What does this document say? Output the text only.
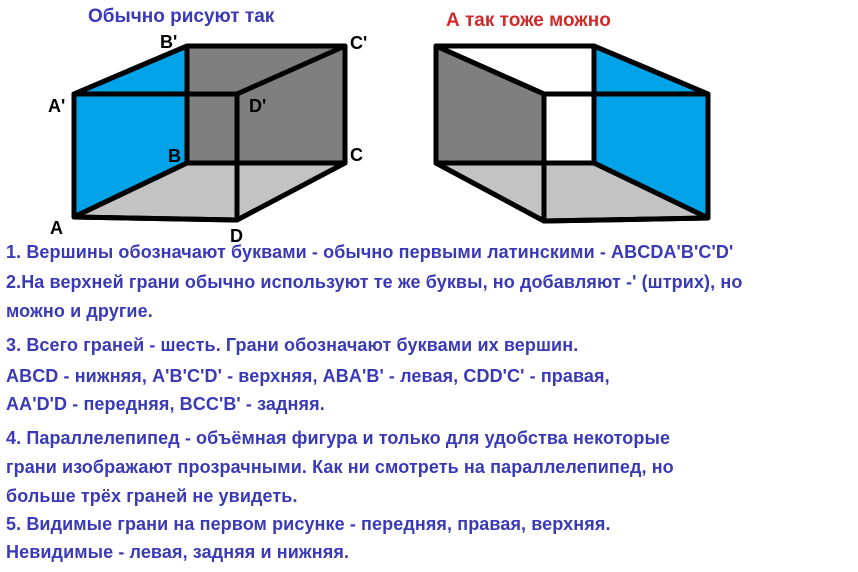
Обычно рисуют так	А так тоже можно
B'	C'
A'	D'
B	C
A	D
1. Вершины обозначают буквами - обычно первыми латинскими - ABCDA'B'C'D'
2.На верхней грани обычно используют те же буквы, но добавляют -' (штрих), но
можно и другие.
3. Всего граней - шесть. Грани обозначают буквами их вершин.
ABCD - нижняя, A'B'C'D' - верхняя, ABA'B' - левая, CDD'C' - правая,
AA'D'D - передняя, BCC'B' - задняя.
4. Параллелепипед - объёмная фигура и только для удобства некоторые
грани изображают прозрачными. Как ни смотреть на параллелепипед, но
больше трёх граней не увидеть.
5. Видимые грани на первом рисунке - передняя, правая, верхняя.
Невидимые - левая, задняя и нижняя.
